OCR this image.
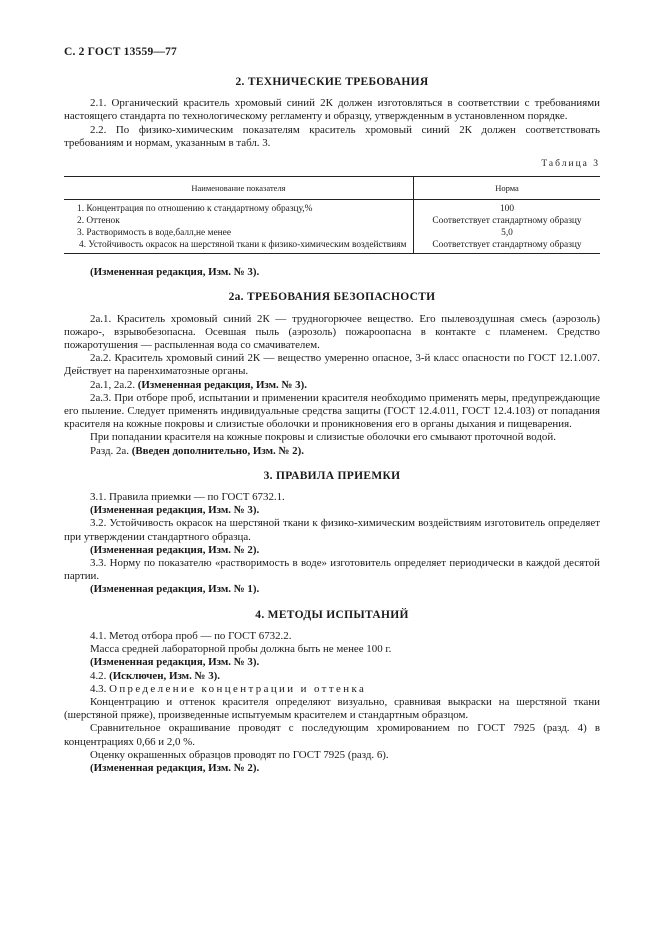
С. 2 ГОСТ 13559—77
2. ТЕХНИЧЕСКИЕ ТРЕБОВАНИЯ

2.1. Органический краситель хромовый синий 2К должен изготовляться в соответствии с требованиями настоящего стандарта по технологическому регламенту и образцу, утвержденным в установленном порядке.

2.2. По физико-химическим показателям краситель хромовый синий 2К должен соответствовать требованиям и нормам, указанным в табл. 3.

Таблица 3
Наименование показателя	Норма
1. Концентрация по отношению к стандартному образцу,%	100
2. Оттенок	Соответствует стандартному образцу
3. Растворимость в воде,балл,не менее	5,0
4. Устойчивость окрасок на шерстяной ткани к физико-химическим воздействиям	Соответствует стандартному образцу

(Измененная редакция, Изм. № 3).

2а. ТРЕБОВАНИЯ БЕЗОПАСНОСТИ

2а.1. Краситель хромовый синий 2К — трудногорючее вещество. Его пылевоздушная смесь (аэрозоль) пожаро-, взрывобезопасна. Осевшая пыль (аэрозоль) пожароопасна в контакте с пламенем. Средство пожаротушения — распыленная вода со смачивателем.

2а.2. Краситель хромовый синий 2К — вещество умеренно опасное, 3-й класс опасности по ГОСТ 12.1.007. Действует на паренхиматозные органы.

2а.1, 2а.2. (Измененная редакция, Изм. № 3).

2а.3. При отборе проб, испытании и применении красителя необходимо применять меры, предупреждающие его пыление. Следует применять индивидуальные средства защиты (ГОСТ 12.4.011, ГОСТ 12.4.103) от попадания красителя на кожные покровы и слизистые оболочки и проникновения его в органы дыхания и пищеварения.

При попадании красителя на кожные покровы и слизистые оболочки его смывают проточной водой.

Разд. 2а. (Введен дополнительно, Изм. № 2).

3. ПРАВИЛА ПРИЕМКИ

3.1. Правила приемки — по ГОСТ 6732.1.

(Измененная редакция, Изм. № 3).

3.2. Устойчивость окрасок на шерстяной ткани к физико-химическим воздействиям изготовитель определяет при утверждении стандартного образца.

(Измененная редакция, Изм. № 2).

3.3. Норму по показателю «растворимость в воде» изготовитель определяет периодически в каждой десятой партии.

(Измененная редакция, Изм. № 1).

4. МЕТОДЫ ИСПЫТАНИЙ

4.1. Метод отбора проб — по ГОСТ 6732.2.

Масса средней лабораторной пробы должна быть не менее 100 г.

(Измененная редакция, Изм. № 3).

4.2. (Исключен, Изм. № 3).

4.3. Определение концентрации и оттенка

Концентрацию и оттенок красителя определяют визуально, сравнивая выкраски на шерстяной ткани (шерстяной пряже), произведенные испытуемым красителем и стандартным образцом.

Сравнительное окрашивание проводят с последующим хромированием по ГОСТ 7925 (разд. 4) в концентрациях 0,66 и 2,0 %.

Оценку окрашенных образцов проводят по ГОСТ 7925 (разд. 6).

(Измененная редакция, Изм. № 2).
